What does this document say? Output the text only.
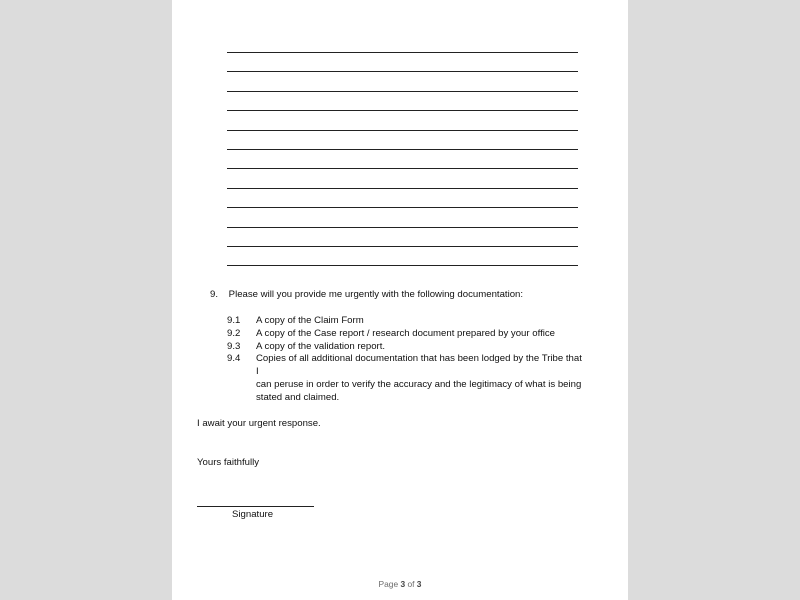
9. Please will you provide me urgently with the following documentation:
9.1	A copy of the Claim Form
9.2	A copy of the Case report / research document prepared by your office
9.3	A copy of the validation report.
9.4	Copies of all additional documentation that has been lodged by the Tribe that I
can peruse in order to verify the accuracy and the legitimacy of what is being
stated and claimed.
I await your urgent response.
Yours faithfully
Signature
Page 3 of 3
